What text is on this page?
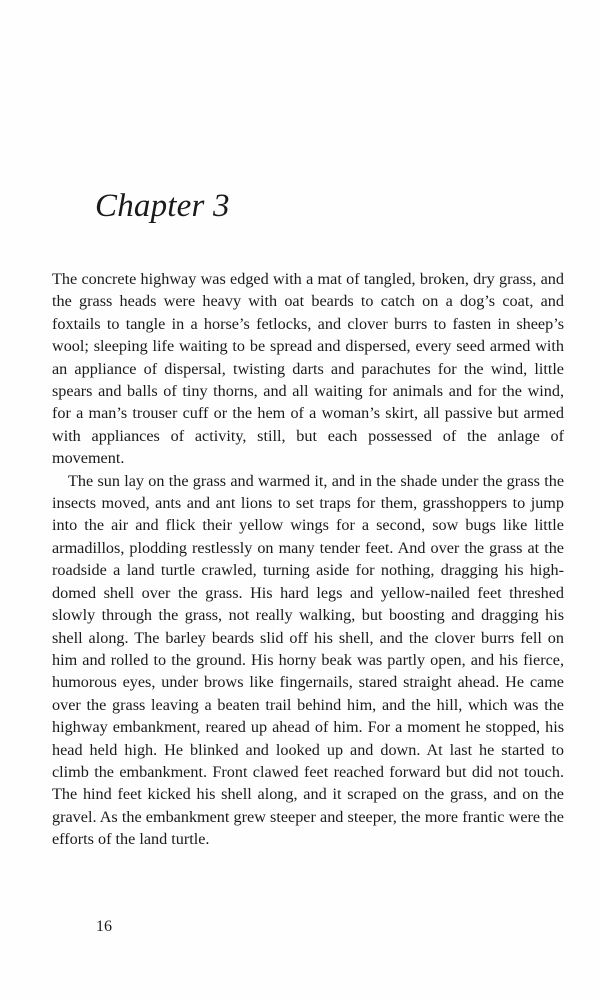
Chapter 3

The concrete highway was edged with a mat of tangled, broken, dry grass, and the grass heads were heavy with oat beards to catch on a dog’s coat, and foxtails to tangle in a horse’s fetlocks, and clover burrs to fasten in sheep’s wool; sleeping life waiting to be spread and dispersed, every seed armed with an appliance of dispersal, twisting darts and parachutes for the wind, little spears and balls of tiny thorns, and all waiting for animals and for the wind, for a man’s trouser cuff or the hem of a woman’s skirt, all passive but armed with appliances of activity, still, but each possessed of the anlage of movement.

The sun lay on the grass and warmed it, and in the shade under the grass the insects moved, ants and ant lions to set traps for them, grasshoppers to jump into the air and flick their yellow wings for a second, sow bugs like little armadillos, plodding restlessly on many tender feet. And over the grass at the roadside a land turtle crawled, turning aside for nothing, dragging his high-domed shell over the grass. His hard legs and yellow-nailed feet threshed slowly through the grass, not really walking, but boosting and dragging his shell along. The barley beards slid off his shell, and the clover burrs fell on him and rolled to the ground. His horny beak was partly open, and his fierce, humorous eyes, under brows like fingernails, stared straight ahead. He came over the grass leaving a beaten trail behind him, and the hill, which was the highway embankment, reared up ahead of him. For a moment he stopped, his head held high. He blinked and looked up and down. At last he started to climb the embankment. Front clawed feet reached forward but did not touch. The hind feet kicked his shell along, and it scraped on the grass, and on the gravel. As the embankment grew steeper and steeper, the more frantic were the efforts of the land turtle.

16
